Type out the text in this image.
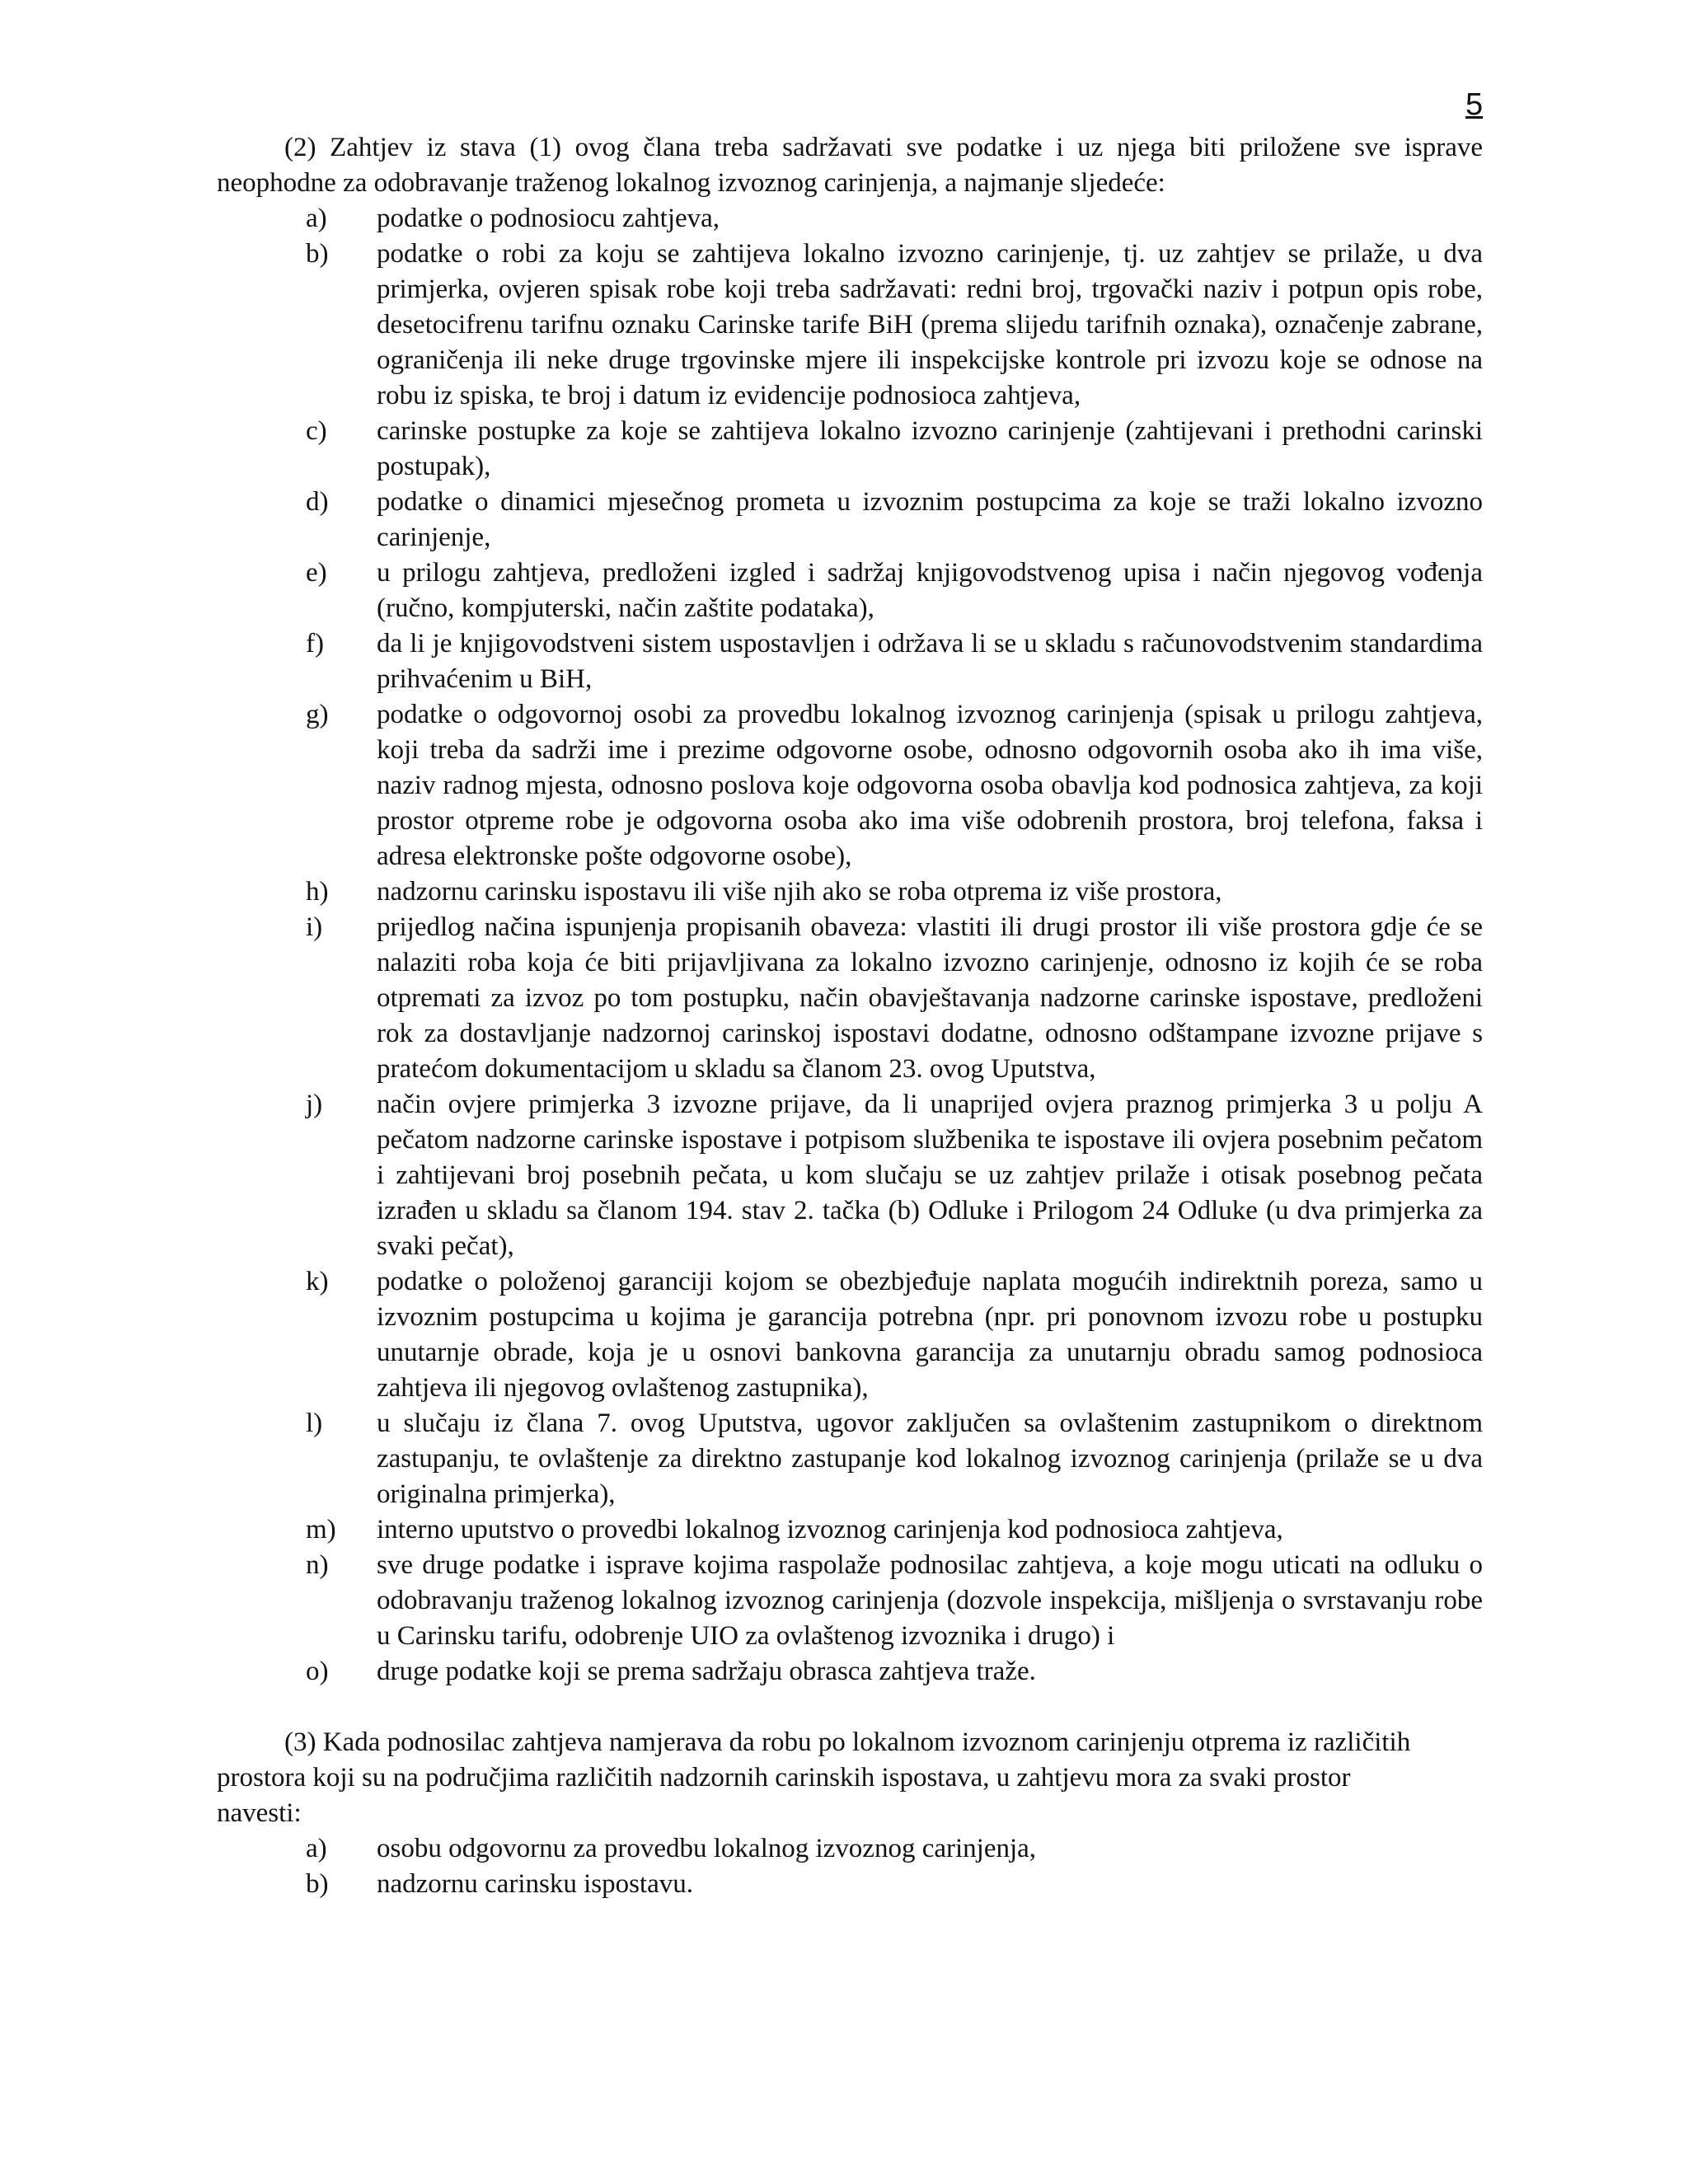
5

(2) Zahtjev iz stava (1) ovog člana treba sadržavati sve podatke i uz njega biti priložene sve isprave neophodne za odobravanje traženog lokalnog izvoznog carinjenja, a najmanje sljedeće:

a) podatke o podnosiocu zahtjeva,
b) podatke o robi za koju se zahtijeva lokalno izvozno carinjenje, tj. uz zahtjev se prilaže, u dva primjerka, ovjeren spisak robe koji treba sadržavati: redni broj, trgovački naziv i potpun opis robe, desetocifrenu tarifnu oznaku Carinske tarife BiH (prema slijedu tarifnih oznaka), označenje zabrane, ograničenja ili neke druge trgovinske mjere ili inspekcijske kontrole pri izvozu koje se odnose na robu iz spiska, te broj i datum iz evidencije podnosioca zahtjeva,
c) carinske postupke za koje se zahtijeva lokalno izvozno carinjenje (zahtijevani i prethodni carinski postupak),
d) podatke o dinamici mjesečnog prometa u izvoznim postupcima za koje se traži lokalno izvozno carinjenje,
e) u prilogu zahtjeva, predloženi izgled i sadržaj knjigovodstvenog upisa i način njegovog vođenja (ručno, kompjuterski, način zaštite podataka),
f) da li je knjigovodstveni sistem uspostavljen i održava li se u skladu s računovodstvenim standardima prihvaćenim u BiH,
g) podatke o odgovornoj osobi za provedbu lokalnog izvoznog carinjenja (spisak u prilogu zahtjeva, koji treba da sadrži ime i prezime odgovorne osobe, odnosno odgovornih osoba ako ih ima više, naziv radnog mjesta, odnosno poslova koje odgovorna osoba obavlja kod podnosica zahtjeva, za koji prostor otpreme robe je odgovorna osoba ako ima više odobrenih prostora, broj telefona, faksa i adresa elektronske pošte odgovorne osobe),
h) nadzornu carinsku ispostavu ili više njih ako se roba otprema iz više prostora,
i) prijedlog načina ispunjenja propisanih obaveza: vlastiti ili drugi prostor ili više prostora gdje će se nalaziti roba koja će biti prijavljivana za lokalno izvozno carinjenje, odnosno iz kojih će se roba otpremati za izvoz po tom postupku, način obavještavanja nadzorne carinske ispostave, predloženi rok za dostavljanje nadzornoj carinskoj ispostavi dodatne, odnosno odštampane izvozne prijave s pratećom dokumentacijom u skladu sa članom 23. ovog Uputstva,
j) način ovjere primjerka 3 izvozne prijave, da li unaprijed ovjera praznog primjerka 3 u polju A pečatom nadzorne carinske ispostave i potpisom službenika te ispostave ili ovjera posebnim pečatom i zahtijevani broj posebnih pečata, u kom slučaju se uz zahtjev prilaže i otisak posebnog pečata izrađen u skladu sa članom 194. stav 2. tačka (b) Odluke i Prilogom 24 Odluke (u dva primjerka za svaki pečat),
k) podatke o položenoj garanciji kojom se obezbjeđuje naplata mogućih indirektnih poreza, samo u izvoznim postupcima u kojima je garancija potrebna (npr. pri ponovnom izvozu robe u postupku unutarnje obrade, koja je u osnovi bankovna garancija za unutarnju obradu samog podnosioca zahtjeva ili njegovog ovlaštenog zastupnika),
l) u slučaju iz člana 7. ovog Uputstva, ugovor zaključen sa ovlaštenim zastupnikom o direktnom zastupanju, te ovlaštenje za direktno zastupanje kod lokalnog izvoznog carinjenja (prilaže se u dva originalna primjerka),
m) interno uputstvo o provedbi lokalnog izvoznog carinjenja kod podnosioca zahtjeva,
n) sve druge podatke i isprave kojima raspolaže podnosilac zahtjeva, a koje mogu uticati na odluku o odobravanju traženog lokalnog izvoznog carinjenja (dozvole inspekcija, mišljenja o svrstavanju robe u Carinsku tarifu, odobrenje UIO za ovlaštenog izvoznika i drugo) i
o) druge podatke koji se prema sadržaju obrasca zahtjeva traže.

(3) Kada podnosilac zahtjeva namjerava da robu po lokalnom izvoznom carinjenju otprema iz različitih prostora koji su na područjima različitih nadzornih carinskih ispostava, u zahtjevu mora za svaki prostor navesti:

a) osobu odgovornu za provedbu lokalnog izvoznog carinjenja,
b) nadzornu carinsku ispostavu.
